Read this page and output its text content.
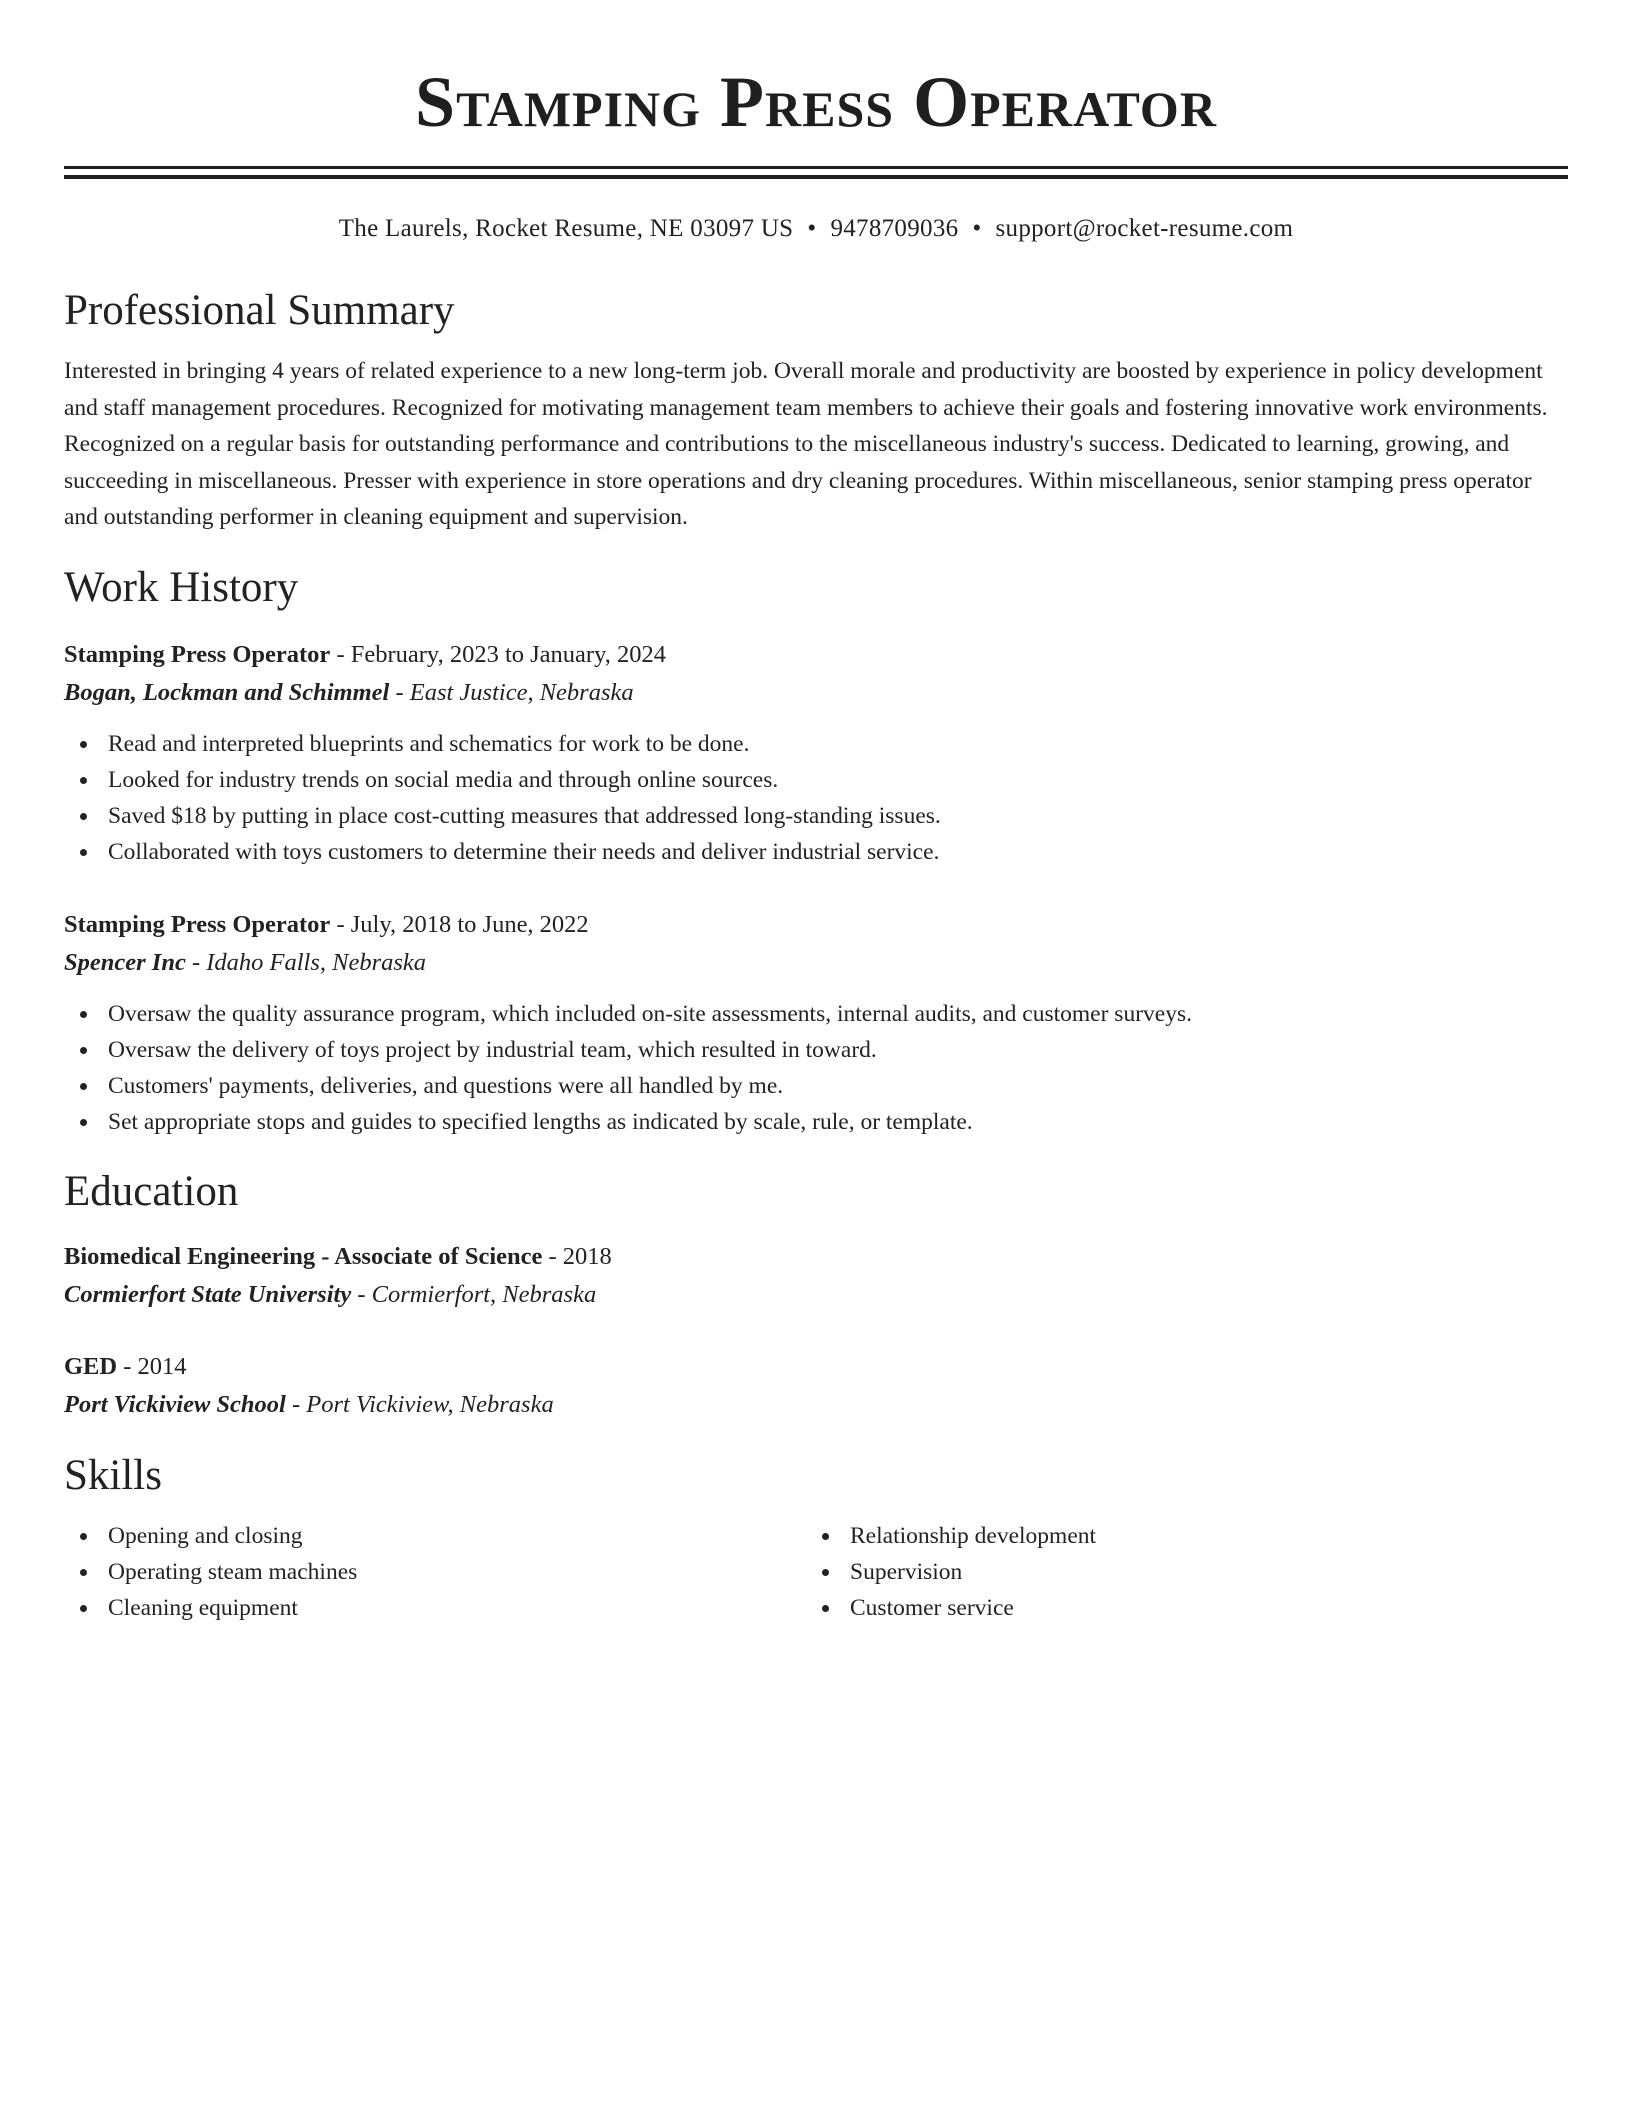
Stamping Press Operator
The Laurels, Rocket Resume, NE 03097 US • 9478709036 • support@rocket-resume.com
Professional Summary

Interested in bringing 4 years of related experience to a new long-term job. Overall morale and productivity are boosted by experience in policy development and staff management procedures. Recognized for motivating management team members to achieve their goals and fostering innovative work environments. Recognized on a regular basis for outstanding performance and contributions to the miscellaneous industry's success. Dedicated to learning, growing, and succeeding in miscellaneous. Presser with experience in store operations and dry cleaning procedures. Within miscellaneous, senior stamping press operator and outstanding performer in cleaning equipment and supervision.

Work History
Stamping Press Operator - February, 2023 to January, 2024
Bogan, Lockman and Schimmel - East Justice, Nebraska
Read and interpreted blueprints and schematics for work to be done.
Looked for industry trends on social media and through online sources.
Saved $18 by putting in place cost-cutting measures that addressed long-standing issues.
Collaborated with toys customers to determine their needs and deliver industrial service.
Stamping Press Operator - July, 2018 to June, 2022
Spencer Inc - Idaho Falls, Nebraska
Oversaw the quality assurance program, which included on-site assessments, internal audits, and customer surveys.
Oversaw the delivery of toys project by industrial team, which resulted in toward.
Customers' payments, deliveries, and questions were all handled by me.
Set appropriate stops and guides to specified lengths as indicated by scale, rule, or template.
Education
Biomedical Engineering - Associate of Science - 2018
Cormierfort State University - Cormierfort, Nebraska
GED - 2014
Port Vickiview School - Port Vickiview, Nebraska
Skills
Opening and closing
Operating steam machines
Cleaning equipment
Relationship development
Supervision
Customer service
